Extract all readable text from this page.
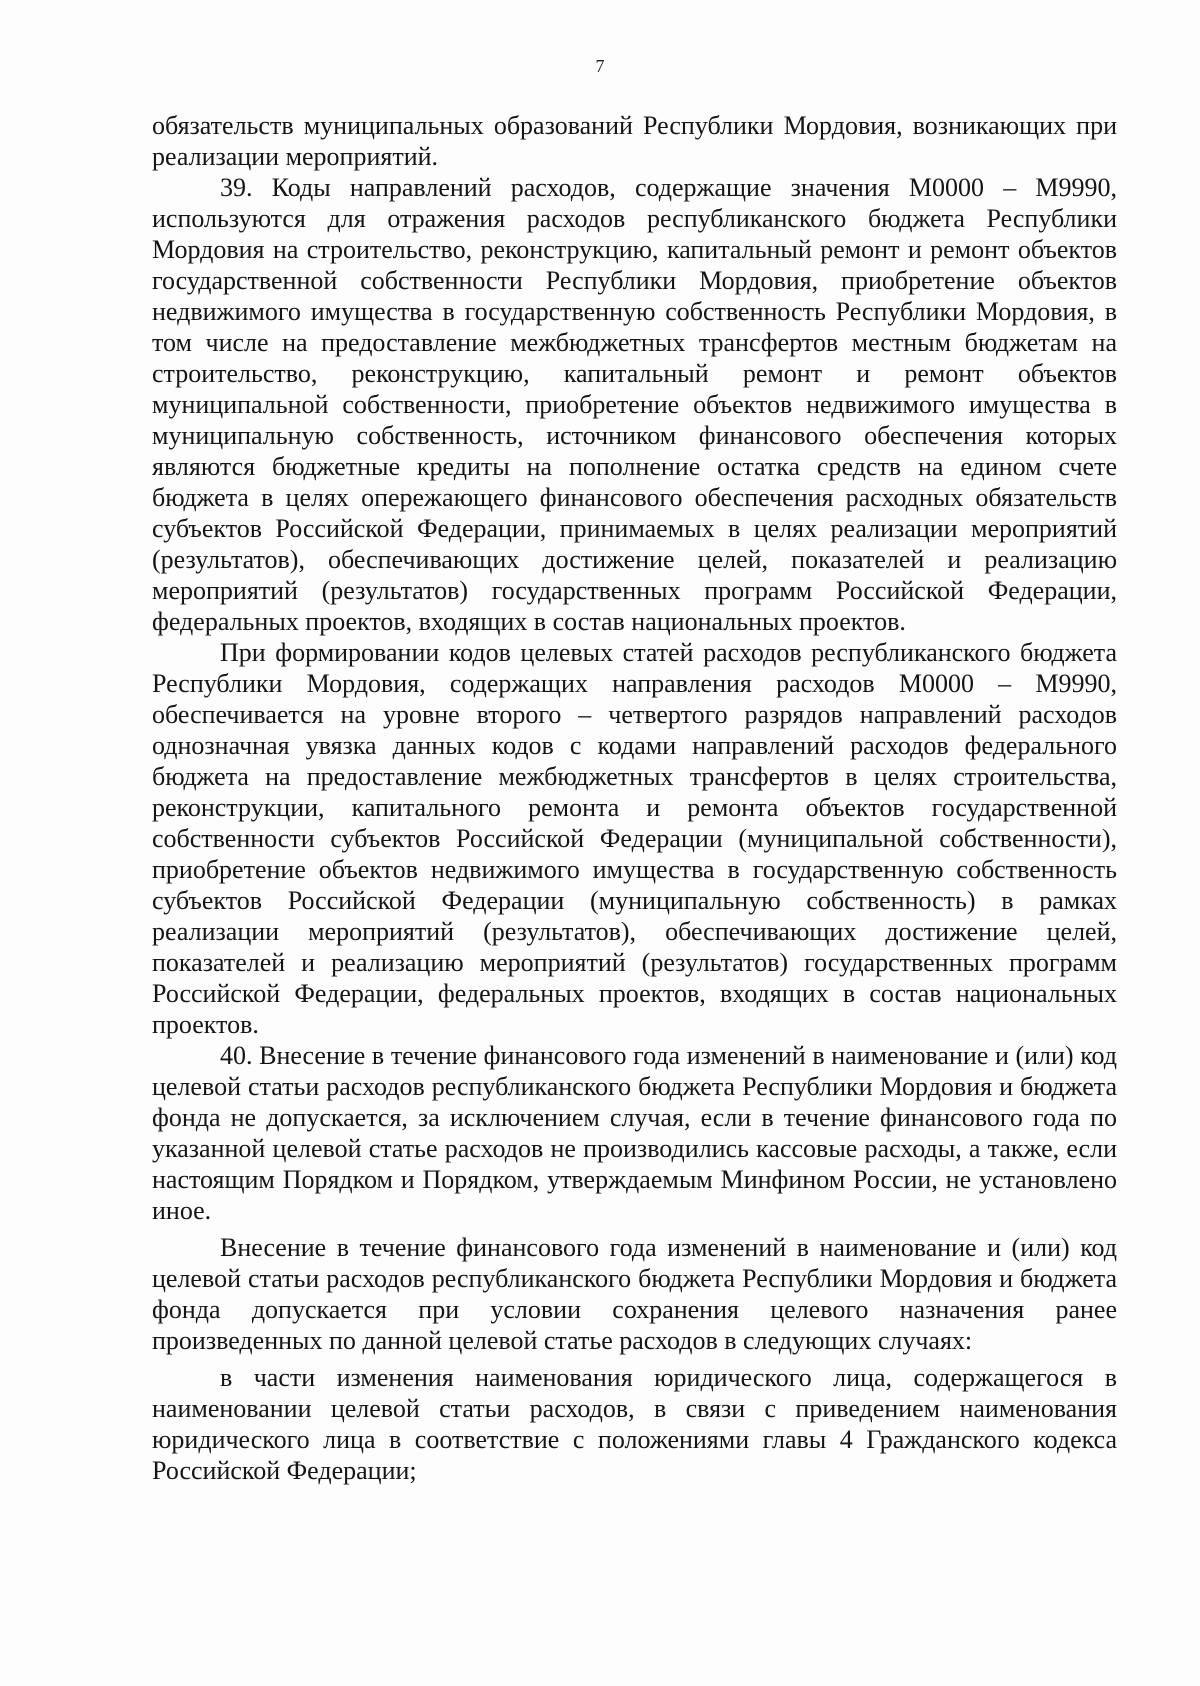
7

обязательств муниципальных образований Республики Мордовия, возникающих при реализации мероприятий.

39. Коды направлений расходов, содержащие значения М0000 – М9990, используются для отражения расходов республиканского бюджета Республики Мордовия на строительство, реконструкцию, капитальный ремонт и ремонт объектов государственной собственности Республики Мордовия, приобретение объектов недвижимого имущества в государственную собственность Республики Мордовия, в том числе на предоставление межбюджетных трансфертов местным бюджетам на строительство, реконструкцию, капитальный ремонт и ремонт объектов муниципальной собственности, приобретение объектов недвижимого имущества в муниципальную собственность, источником финансового обеспечения которых являются бюджетные кредиты на пополнение остатка средств на едином счете бюджета в целях опережающего финансового обеспечения расходных обязательств субъектов Российской Федерации, принимаемых в целях реализации мероприятий (результатов), обеспечивающих достижение целей, показателей и реализацию мероприятий (результатов) государственных программ Российской Федерации, федеральных проектов, входящих в состав национальных проектов.

При формировании кодов целевых статей расходов республиканского бюджета Республики Мордовия, содержащих направления расходов М0000 – М9990, обеспечивается на уровне второго – четвертого разрядов направлений расходов однозначная увязка данных кодов с кодами направлений расходов федерального бюджета на предоставление межбюджетных трансфертов в целях строительства, реконструкции, капитального ремонта и ремонта объектов государственной собственности субъектов Российской Федерации (муниципальной собственности), приобретение объектов недвижимого имущества в государственную собственность субъектов Российской Федерации (муниципальную собственность) в рамках реализации мероприятий (результатов), обеспечивающих достижение целей, показателей и реализацию мероприятий (результатов) государственных программ Российской Федерации, федеральных проектов, входящих в состав национальных проектов.

40. Внесение в течение финансового года изменений в наименование и (или) код целевой статьи расходов республиканского бюджета Республики Мордовия и бюджета фонда не допускается, за исключением случая, если в течение финансового года по указанной целевой статье расходов не производились кассовые расходы, а также, если настоящим Порядком и Порядком, утверждаемым Минфином России, не установлено иное.

Внесение в течение финансового года изменений в наименование и (или) код целевой статьи расходов республиканского бюджета Республики Мордовия и бюджета фонда допускается при условии сохранения целевого назначения ранее произведенных по данной целевой статье расходов в следующих случаях:

в части изменения наименования юридического лица, содержащегося в наименовании целевой статьи расходов, в связи с приведением наименования юридического лица в соответствие с положениями главы 4 Гражданского кодекса Российской Федерации;
